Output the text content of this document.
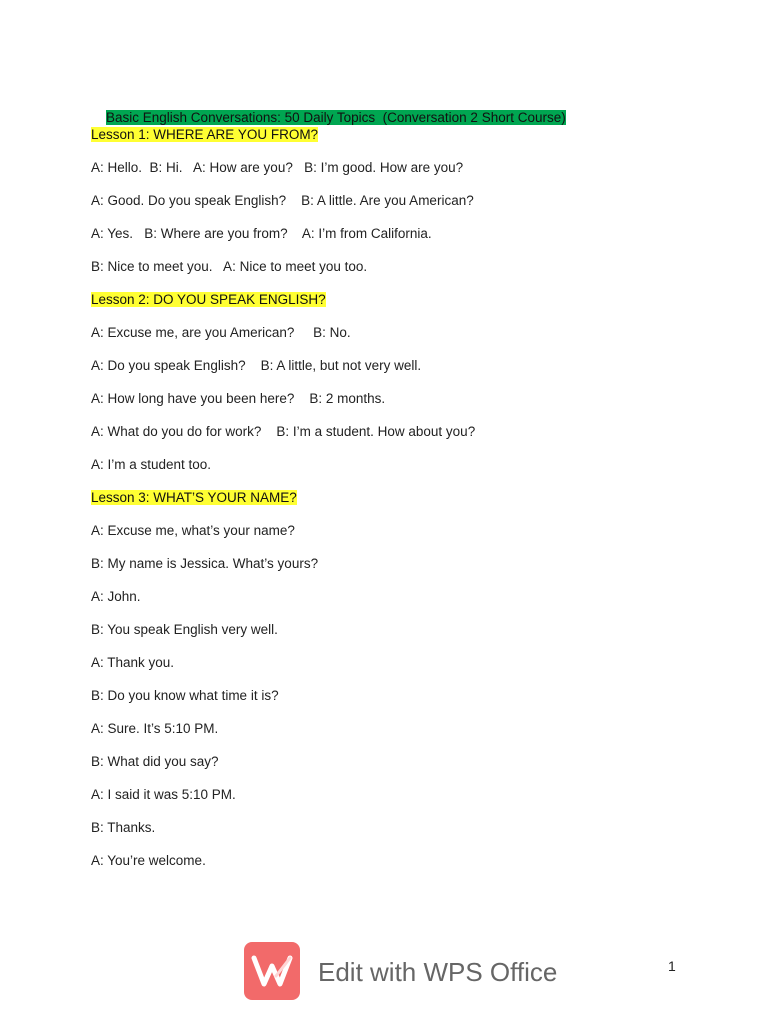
Basic English Conversations: 50 Daily Topics  (Conversation 2 Short Course)

Lesson 1: WHERE ARE YOU FROM?
A: Hello.  B: Hi.   A: How are you?   B: I’m good. How are you?
A: Good. Do you speak English?    B: A little. Are you American?
A: Yes.   B: Where are you from?    A: I’m from California.
B: Nice to meet you.   A: Nice to meet you too.
Lesson 2: DO YOU SPEAK ENGLISH?
A: Excuse me, are you American?     B: No.
A: Do you speak English?    B: A little, but not very well.
A: How long have you been here?    B: 2 months.
A: What do you do for work?    B: I’m a student. How about you?
A: I’m a student too.
Lesson 3: WHAT’S YOUR NAME?
A: Excuse me, what’s your name?
B: My name is Jessica. What’s yours?
A: John.
B: You speak English very well.
A: Thank you.
B: Do you know what time it is?
A: Sure. It’s 5:10 PM.
B: What did you say?
A: I said it was 5:10 PM.
B: Thanks.
A: You’re welcome.
Edit with WPS Office	1
